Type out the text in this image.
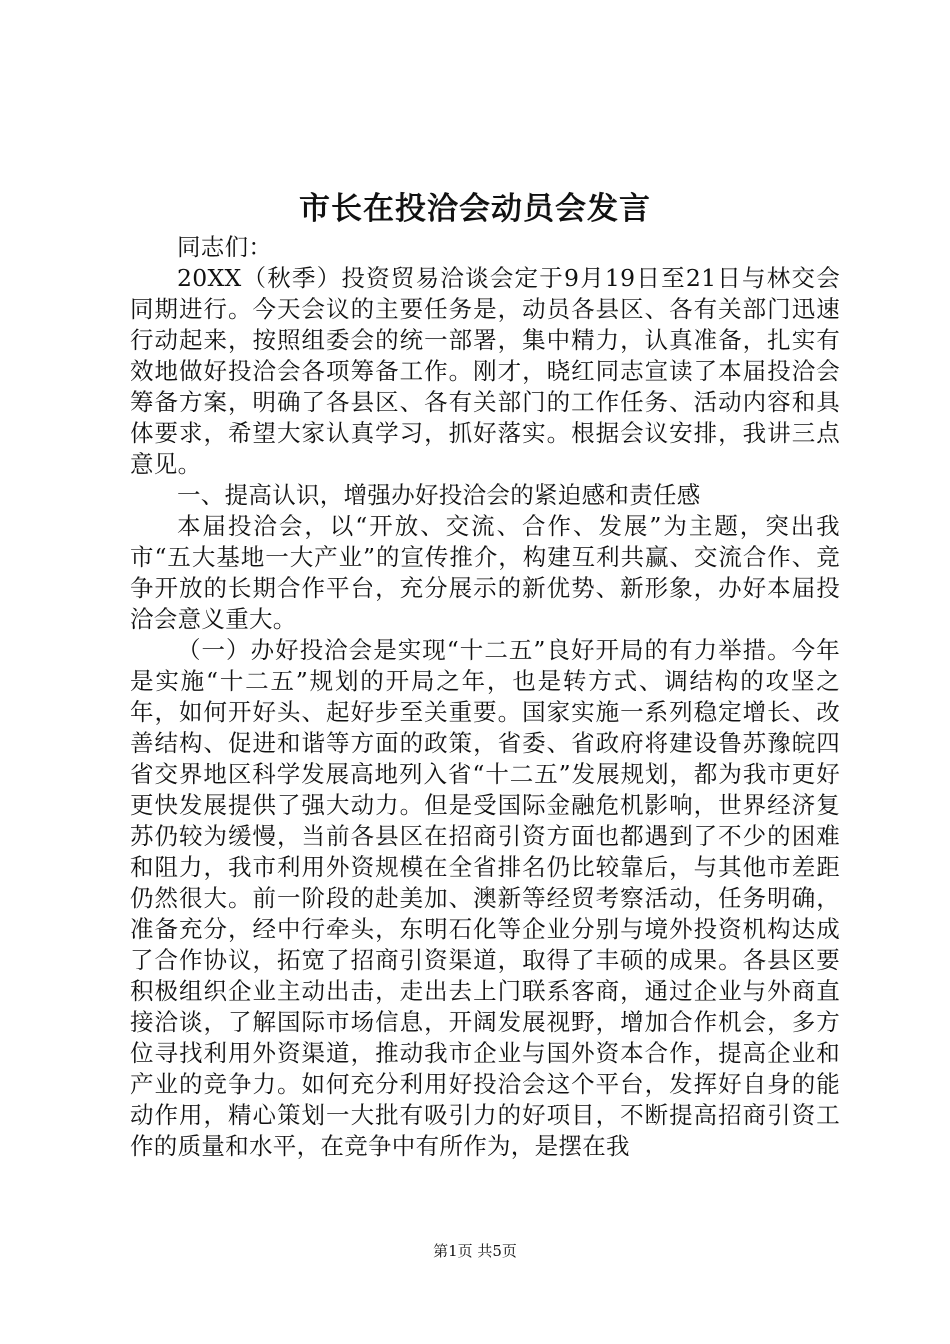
市长在投洽会动员会发言

同志们：

20XX（秋季）投资贸易洽谈会定于9月19日至21日与林交会同期进行。今天会议的主要任务是，动员各县区、各有关部门迅速行动起来，按照组委会的统一部署，集中精力，认真准备，扎实有效地做好投洽会各项筹备工作。刚才，晓红同志宣读了本届投洽会筹备方案，明确了各县区、各有关部门的工作任务、活动内容和具体要求，希望大家认真学习，抓好落实。根据会议安排，我讲三点意见。

一、提高认识，增强办好投洽会的紧迫感和责任感

本届投洽会，以“开放、交流、合作、发展”为主题，突出我市“五大基地一大产业”的宣传推介，构建互利共赢、交流合作、竞争开放的长期合作平台，充分展示的新优势、新形象，办好本届投洽会意义重大。

（一）办好投洽会是实现“十二五”良好开局的有力举措。今年是实施“十二五”规划的开局之年，也是转方式、调结构的攻坚之年，如何开好头、起好步至关重要。国家实施一系列稳定增长、改善结构、促进和谐等方面的政策，省委、省政府将建设鲁苏豫皖四省交界地区科学发展高地列入省“十二五”发展规划，都为我市更好更快发展提供了强大动力。但是受国际金融危机影响，世界经济复苏仍较为缓慢，当前各县区在招商引资方面也都遇到了不少的困难和阻力，我市利用外资规模在全省排名仍比较靠后，与其他市差距仍然很大。前一阶段的赴美加、澳新等经贸考察活动，任务明确，准备充分，经中行牵头，东明石化等企业分别与境外投资机构达成了合作协议，拓宽了招商引资渠道，取得了丰硕的成果。各县区要积极组织企业主动出击，走出去上门联系客商，通过企业与外商直接洽谈，了解国际市场信息，开阔发展视野，增加合作机会，多方位寻找利用外资渠道，推动我市企业与国外资本合作，提高企业和产业的竞争力。如何充分利用好投洽会这个平台，发挥好自身的能动作用，精心策划一大批有吸引力的好项目，不断提高招商引资工作的质量和水平，在竞争中有所作为，是摆在我

第1页 共5页
